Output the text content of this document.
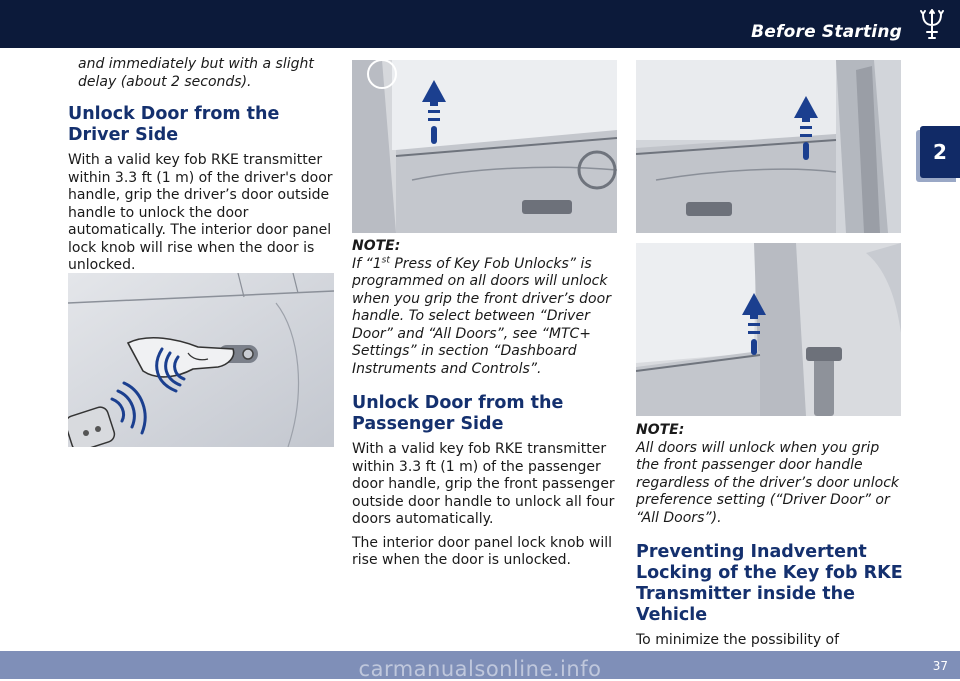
Before Starting
2

and immediately but with a slight delay (about 2 seconds).

Unlock Door from the Driver Side

With a valid key fob RKE transmitter within 3.3 ft (1 m) of the driver's door handle, grip the driver’s door outside handle to unlock the door automatically. The interior door panel lock knob will rise when the door is unlocked.

NOTE:

If “1st Press of Key Fob Unlocks” is programmed on all doors will unlock when you grip the front driver’s door handle. To select between “Driver Door” and “All Doors”, see “MTC+ Settings” in section “Dashboard Instruments and Controls”.

Unlock Door from the Passenger Side

With a valid key fob RKE transmitter within 3.3 ft (1 m) of the passenger door handle, grip the front passenger outside door handle to unlock all four doors automatically.

The interior door panel lock knob will rise when the door is unlocked.

NOTE:

All doors will unlock when you grip the front passenger door handle regardless of the driver’s door unlock preference setting (“Driver Door” or “All Doors”).

Preventing Inadvertent Locking of the Key fob RKE Transmitter inside the Vehicle

To minimize the possibility of

carmanualsonline.info	37
